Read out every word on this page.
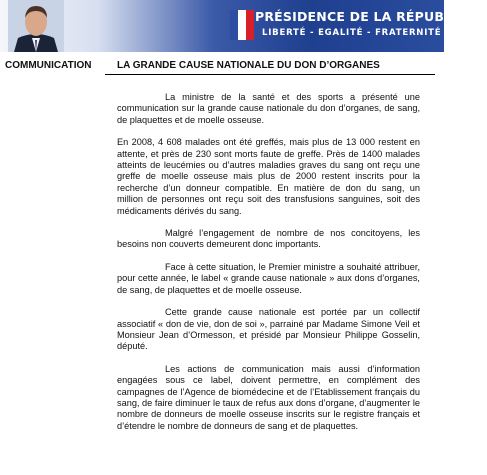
PRÉSIDENCE DE LA RÉPUBLIQUE
LIBERTÉ - EGALITÉ - FRATERNITÉ
COMMUNICATION	LA GRANDE CAUSE NATIONALE DU DON D’ORGANES

La ministre de la santé et des sports a présenté une communication sur la grande cause nationale du don d’organes, de sang, de plaquettes et de moelle osseuse.

En 2008, 4 608 malades ont été greffés, mais plus de 13 000 restent en attente, et près de 230 sont morts faute de greffe. Près de 1400 malades atteints de leucémies ou d’autres maladies graves du sang ont reçu une greffe de moelle osseuse mais plus de 2000 restent inscrits pour la recherche d’un donneur compatible. En matière de don du sang, un million de personnes ont reçu soit des transfusions sanguines, soit des médicaments dérivés du sang.

Malgré l’engagement de nombre de nos concitoyens, les besoins non couverts demeurent donc importants.

Face à cette situation, le Premier ministre a souhaité attribuer, pour cette année, le label « grande cause nationale » aux dons d’organes, de sang, de plaquettes et de moelle osseuse.

Cette grande cause nationale est portée par un collectif associatif « don de vie, don de soi », parrainé par Madame Simone Veil et Monsieur Jean d’Ormesson, et présidé par Monsieur Philippe Gosselin, député.

Les actions de communication mais aussi d’information engagées sous ce label, doivent permettre, en complément des campagnes de l’Agence de biomédecine et de l’Etablissement français du sang, de faire diminuer le taux de refus aux dons d’organe, d’augmenter le nombre de donneurs de moelle osseuse inscrits sur le registre français et d’étendre le nombre de donneurs de sang et de plaquettes.
